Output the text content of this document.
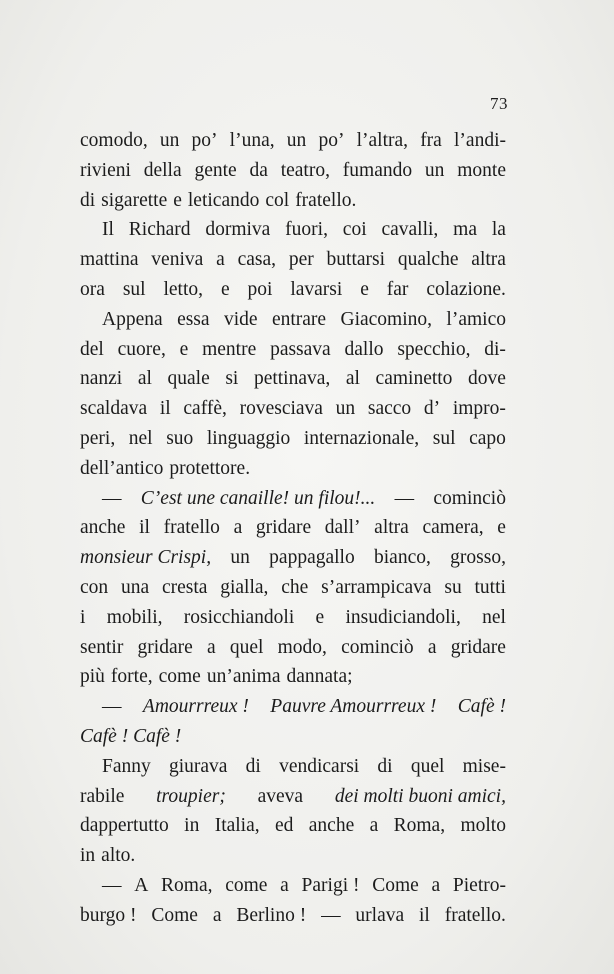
73
comodo, un po’ l’una, un po’ l’altra, fra l’andi-
rivieni della gente da teatro, fumando un monte
di sigarette e leticando col fratello.
Il Richard dormiva fuori, coi cavalli, ma la
mattina veniva a casa, per buttarsi qualche altra
ora sul letto, e poi lavarsi e far colazione.
Appena essa vide entrare Giacomino, l’amico
del cuore, e mentre passava dallo specchio, di-
nanzi al quale si pettinava, al caminetto dove
scaldava il caffè, rovesciava un sacco d’ impro-
peri, nel suo linguaggio internazionale, sul capo
dell’antico protettore.
— C’est une canaille! un filou!... — cominciò
anche il fratello a gridare dall’ altra camera, e
monsieur Crispi, un pappagallo bianco, grosso,
con una cresta gialla, che s’arrampicava su tutti
i mobili, rosicchiandoli e insudiciandoli, nel
sentir gridare a quel modo, cominciò a gridare
più forte, come un’anima dannata;
— Amourrreux ! Pauvre Amourrreux ! Cafè !
Cafè ! Cafè !
Fanny giurava di vendicarsi di quel mise-
rabile troupier; aveva dei molti buoni amici,
dappertutto in Italia, ed anche a Roma, molto
in alto.
— A Roma, come a Parigi ! Come a Pietro-
burgo ! Come a Berlino ! — urlava il fratello.
